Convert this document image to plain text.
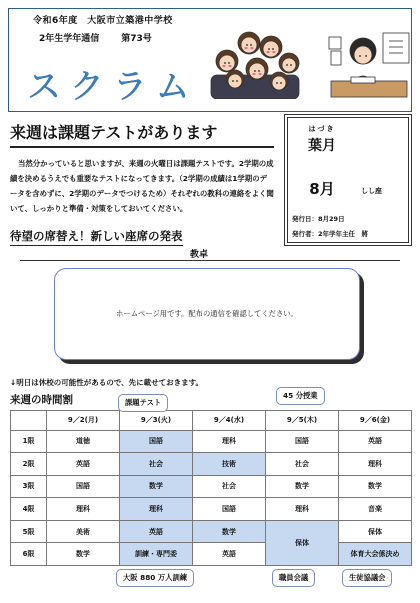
令和6年度　大阪市立築港中学校
2年生学年通信 第73号
スクラム
来週は課題テストがあります
当然分かっていると思いますが、来週の火曜日は課題テストです。2学期の成績を決めるうえでも重要なテストになってきます。（2学期の成績は1学期のデータを含めずに、2学期のデータでつけるため）それぞれの教科の連絡をよく聞いて、しっかりと準備・対策をしておいてください。
はづき
葉月
8月	しし座
発行日：8月29日
発行者：2年学年主任　將
待望の席替え！新しい座席の発表
教卓
ホームページ用です。配布の通信を確認してください。
↓明日は休校の可能性があるので、先に載せておきます。
来週の時間割
	9／2(月)	9／3(火)	9／4(水)	9／5(木)	9／6(金)
1限	道徳	国語	理科	国語	英語
2限	英語	社会	技術	社会	理科
3限	国語	数学	社会	数学	数学
4限	理科	理科	国語	理科	音楽
5限	美術	英語	数学	保体	保体
6限	数学	訓練・専門委	英語		体育大会係決め
課題テスト
45 分授業
大阪 880 万人訓練	職員会議	生徒協議会
